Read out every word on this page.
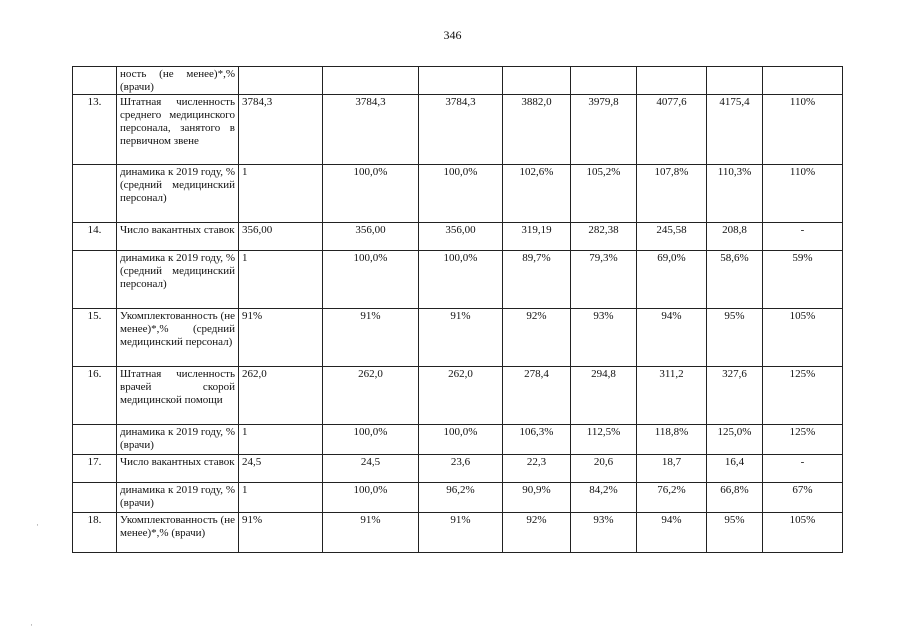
346
·
·
	ность (не менее)*,% (врачи)								
13.	Штатная численность среднего медицинского персонала, занятого в первичном звене	3784,3	3784,3	3784,3	3882,0	3979,8	4077,6	4175,4	110%
	динамика к 2019 году, % (средний медицинский персонал)	1	100,0%	100,0%	102,6%	105,2%	107,8%	110,3%	110%
14.	Число вакантных ставок	356,00	356,00	356,00	319,19	282,38	245,58	208,8	-
	динамика к 2019 году, % (средний медицинский персонал)	1	100,0%	100,0%	89,7%	79,3%	69,0%	58,6%	59%
15.	Укомплектованность (не менее)*,% (средний медицинский персонал)	91%	91%	91%	92%	93%	94%	95%	105%
16.	Штатная численность врачей скорой медицинской помощи	262,0	262,0	262,0	278,4	294,8	311,2	327,6	125%
	динамика к 2019 году, % (врачи)	1	100,0%	100,0%	106,3%	112,5%	118,8%	125,0%	125%
17.	Число вакантных ставок	24,5	24,5	23,6	22,3	20,6	18,7	16,4	-
	динамика к 2019 году, % (врачи)	1	100,0%	96,2%	90,9%	84,2%	76,2%	66,8%	67%
18.	Укомплектованность (не менее)*,% (врачи)	91%	91%	91%	92%	93%	94%	95%	105%
